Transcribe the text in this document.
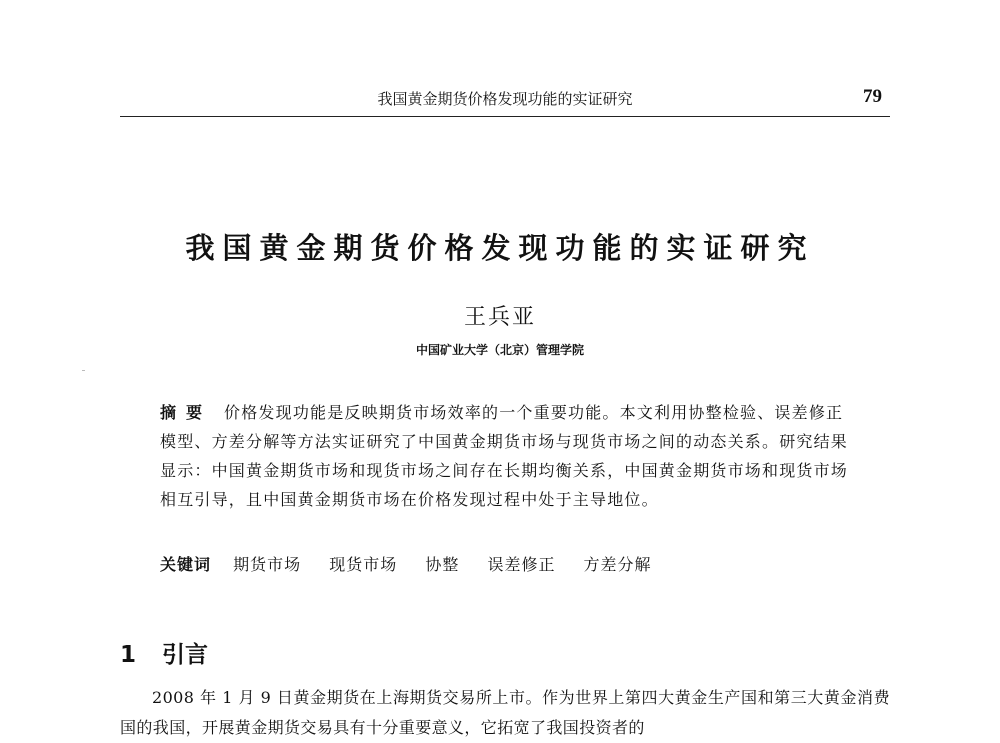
我国黄金期货价格发现功能的实证研究	79
我国黄金期货价格发现功能的实证研究
王兵亚
中国矿业大学（北京）管理学院
摘要 价格发现功能是反映期货市场效率的一个重要功能。本文利用协整检验、误差修正模型、方差分解等方法实证研究了中国黄金期货市场与现货市场之间的动态关系。研究结果显示：中国黄金期货市场和现货市场之间存在长期均衡关系，中国黄金期货市场和现货市场相互引导，且中国黄金期货市场在价格发现过程中处于主导地位。
关键词 期货市场 现货市场 协整 误差修正 方差分解
1 引言

2008 年 1 月 9 日黄金期货在上海期货交易所上市。作为世界上第四大黄金生产国和第三大黄金消费国的我国，开展黄金期货交易具有十分重要意义，它拓宽了我国投资者的
